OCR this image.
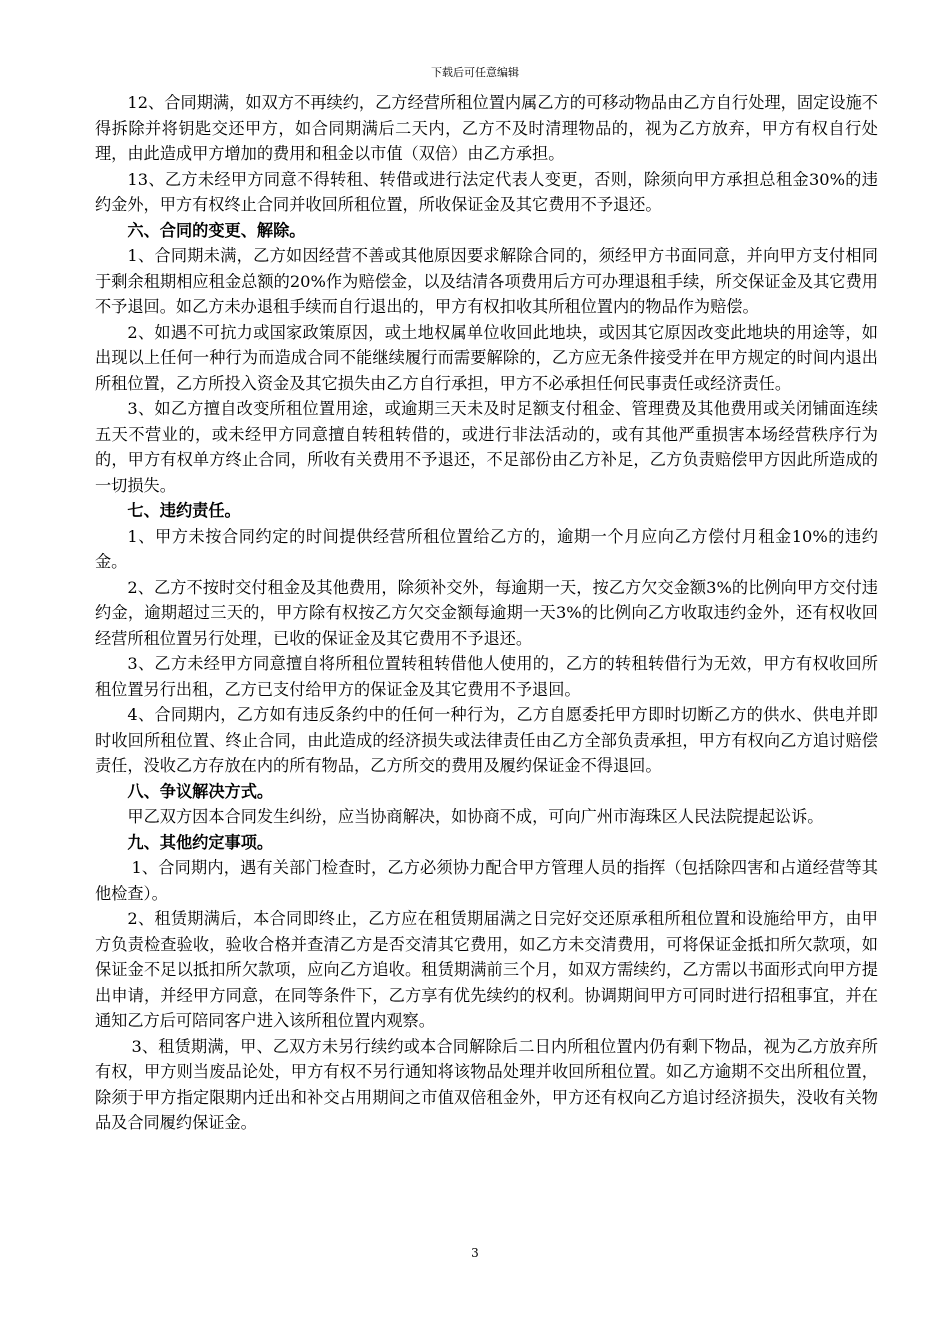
下载后可任意编辑

12、合同期满，如双方不再续约，乙方经营所租位置内属乙方的可移动物品由乙方自行处理，固定设施不得拆除并将钥匙交还甲方，如合同期满后二天内，乙方不及时清理物品的，视为乙方放弃，甲方有权自行处理，由此造成甲方增加的费用和租金以市值（双倍）由乙方承担。

13、乙方未经甲方同意不得转租、转借或进行法定代表人变更，否则，除须向甲方承担总租金30%的违约金外，甲方有权终止合同并收回所租位置，所收保证金及其它费用不予退还。

六、合同的变更、解除。

1、合同期未满，乙方如因经营不善或其他原因要求解除合同的，须经甲方书面同意，并向甲方支付相同于剩余租期相应租金总额的20%作为赔偿金，以及结清各项费用后方可办理退租手续，所交保证金及其它费用不予退回。如乙方未办退租手续而自行退出的，甲方有权扣收其所租位置内的物品作为赔偿。

2、如遇不可抗力或国家政策原因，或土地权属单位收回此地块，或因其它原因改变此地块的用途等，如出现以上任何一种行为而造成合同不能继续履行而需要解除的，乙方应无条件接受并在甲方规定的时间内退出所租位置，乙方所投入资金及其它损失由乙方自行承担，甲方不必承担任何民事责任或经济责任。

3、如乙方擅自改变所租位置用途，或逾期三天未及时足额支付租金、管理费及其他费用或关闭铺面连续五天不营业的，或未经甲方同意擅自转租转借的，或进行非法活动的，或有其他严重损害本场经营秩序行为的，甲方有权单方终止合同，所收有关费用不予退还，不足部份由乙方补足，乙方负责赔偿甲方因此所造成的一切损失。

七、违约责任。

1、甲方未按合同约定的时间提供经营所租位置给乙方的，逾期一个月应向乙方偿付月租金10%的违约金。

2、乙方不按时交付租金及其他费用，除须补交外，每逾期一天，按乙方欠交金额3%的比例向甲方交付违约金，逾期超过三天的，甲方除有权按乙方欠交金额每逾期一天3%的比例向乙方收取违约金外，还有权收回经营所租位置另行处理，已收的保证金及其它费用不予退还。

3、乙方未经甲方同意擅自将所租位置转租转借他人使用的，乙方的转租转借行为无效，甲方有权收回所租位置另行出租，乙方已支付给甲方的保证金及其它费用不予退回。

4、合同期内，乙方如有违反条约中的任何一种行为，乙方自愿委托甲方即时切断乙方的供水、供电并即时收回所租位置、终止合同，由此造成的经济损失或法律责任由乙方全部负责承担，甲方有权向乙方追讨赔偿责任，没收乙方存放在内的所有物品，乙方所交的费用及履约保证金不得退回。

八、争议解决方式。

甲乙双方因本合同发生纠纷，应当协商解决，如协商不成，可向广州市海珠区人民法院提起讼诉。

九、其他约定事项。

1、合同期内，遇有关部门检查时，乙方必须协力配合甲方管理人员的指挥（包括除四害和占道经营等其他检查）。

2、租赁期满后，本合同即终止，乙方应在租赁期届满之日完好交还原承租所租位置和设施给甲方，由甲方负责检查验收，验收合格并查清乙方是否交清其它费用，如乙方未交清费用，可将保证金抵扣所欠款项，如保证金不足以抵扣所欠款项，应向乙方追收。租赁期满前三个月，如双方需续约，乙方需以书面形式向甲方提出申请，并经甲方同意，在同等条件下，乙方享有优先续约的权利。协调期间甲方可同时进行招租事宜，并在通知乙方后可陪同客户进入该所租位置内观察。

3、租赁期满，甲、乙双方未另行续约或本合同解除后二日内所租位置内仍有剩下物品，视为乙方放弃所有权，甲方则当废品论处，甲方有权不另行通知将该物品处理并收回所租位置。如乙方逾期不交出所租位置，除须于甲方指定限期内迁出和补交占用期间之市值双倍租金外，甲方还有权向乙方追讨经济损失，没收有关物品及合同履约保证金。

3
